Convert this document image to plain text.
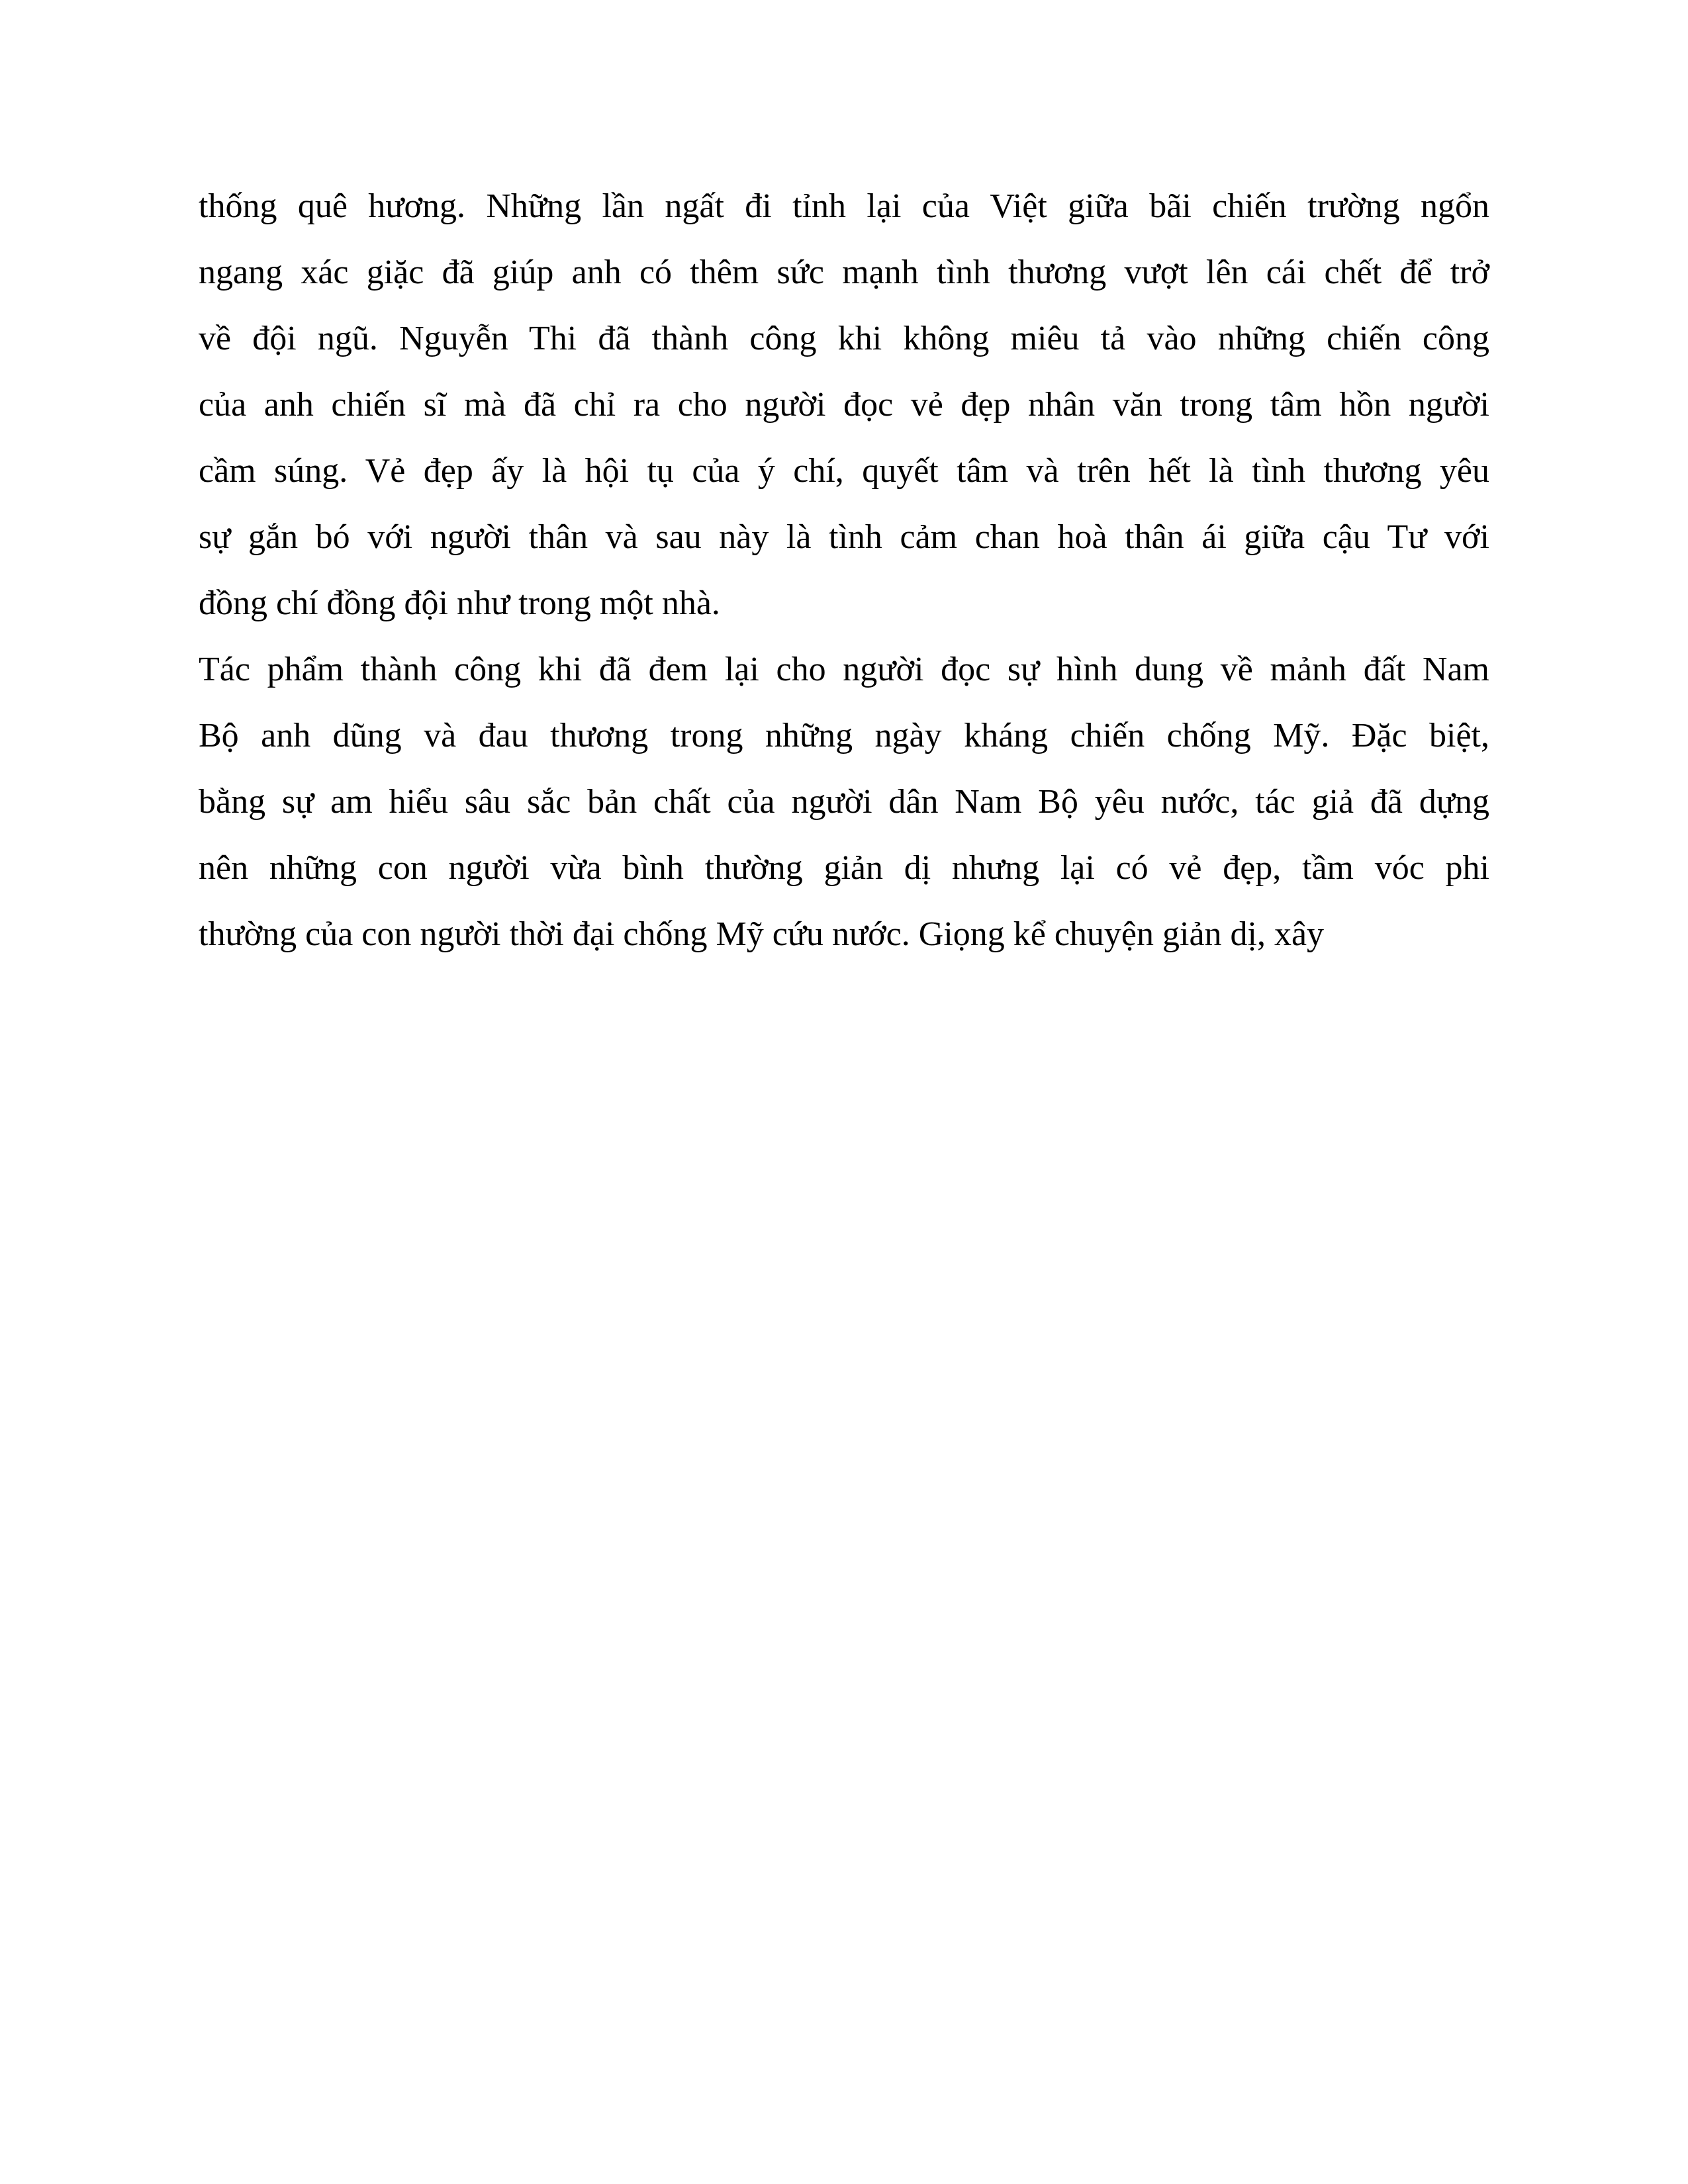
thống quê hương. Những lần ngất đi tỉnh lại của Việt giữa bãi chiến trường ngổn
ngang xác giặc đã giúp anh có thêm sức mạnh tình thương vượt lên cái chết để trở
về đội ngũ. Nguyễn Thi đã thành công khi không miêu tả vào những chiến công
của anh chiến sĩ mà đã chỉ ra cho người đọc vẻ đẹp nhân văn trong tâm hồn người
cầm súng. Vẻ đẹp ấy là hội tụ của ý chí, quyết tâm và trên hết là tình thương yêu
sự gắn bó với người thân và sau này là tình cảm chan hoà thân ái giữa cậu Tư với
đồng chí đồng đội như trong một nhà.
Tác phẩm thành công khi đã đem lại cho người đọc sự hình dung về mảnh đất Nam
Bộ anh dũng và đau thương trong những ngày kháng chiến chống Mỹ. Đặc biệt,
bằng sự am hiểu sâu sắc bản chất của người dân Nam Bộ yêu nước, tác giả đã dựng
nên những con người vừa bình thường giản dị nhưng lại có vẻ đẹp, tầm vóc phi
thường của con người thời đại chống Mỹ cứu nước. Giọng kể chuyện giản dị, xây
